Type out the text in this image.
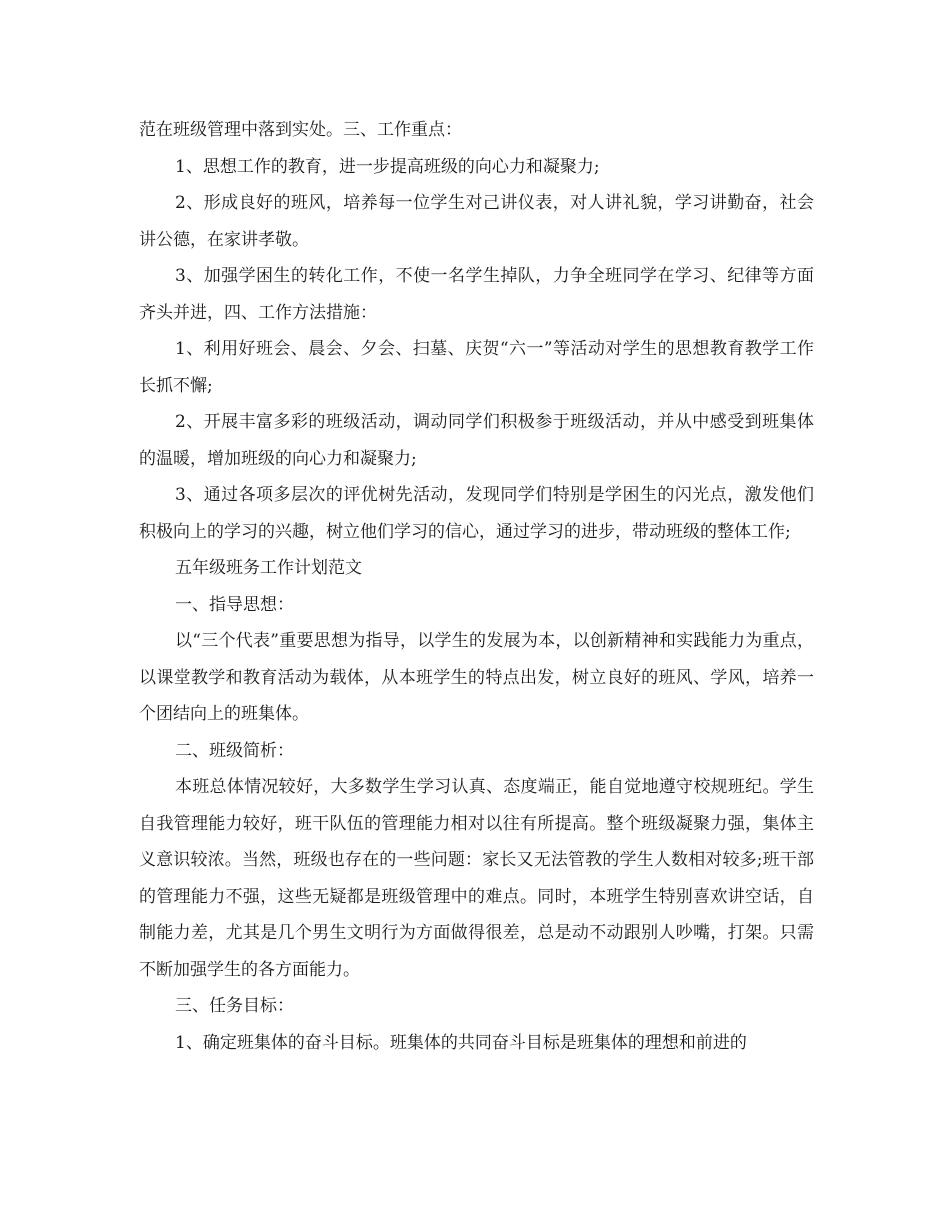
范在班级管理中落到实处。三、工作重点：

1、思想工作的教育，进一步提高班级的向心力和凝聚力;

2、形成良好的班风，培养每一位学生对己讲仪表，对人讲礼貌，学习讲勤奋，社会讲公德，在家讲孝敬。

3、加强学困生的转化工作，不使一名学生掉队，力争全班同学在学习、纪律等方面齐头并进，四、工作方法措施：

1、利用好班会、晨会、夕会、扫墓、庆贺“六一”等活动对学生的思想教育教学工作长抓不懈;

2、开展丰富多彩的班级活动，调动同学们积极参于班级活动，并从中感受到班集体的温暖，增加班级的向心力和凝聚力;

3、通过各项多层次的评优树先活动，发现同学们特别是学困生的闪光点，激发他们积极向上的学习的兴趣，树立他们学习的信心，通过学习的进步，带动班级的整体工作;

五年级班务工作计划范文

一、指导思想：

以“三个代表”重要思想为指导，以学生的发展为本，以创新精神和实践能力为重点，以课堂教学和教育活动为载体，从本班学生的特点出发，树立良好的班风、学风，培养一个团结向上的班集体。

二、班级简析：

本班总体情况较好，大多数学生学习认真、态度端正，能自觉地遵守校规班纪。学生自我管理能力较好，班干队伍的管理能力相对以往有所提高。整个班级凝聚力强，集体主义意识较浓。当然，班级也存在的一些问题：家长又无法管教的学生人数相对较多;班干部的管理能力不强，这些无疑都是班级管理中的难点。同时，本班学生特别喜欢讲空话，自制能力差，尤其是几个男生文明行为方面做得很差，总是动不动跟别人吵嘴，打架。只需不断加强学生的各方面能力。

三、任务目标：

1、确定班集体的奋斗目标。班集体的共同奋斗目标是班集体的理想和前进的
